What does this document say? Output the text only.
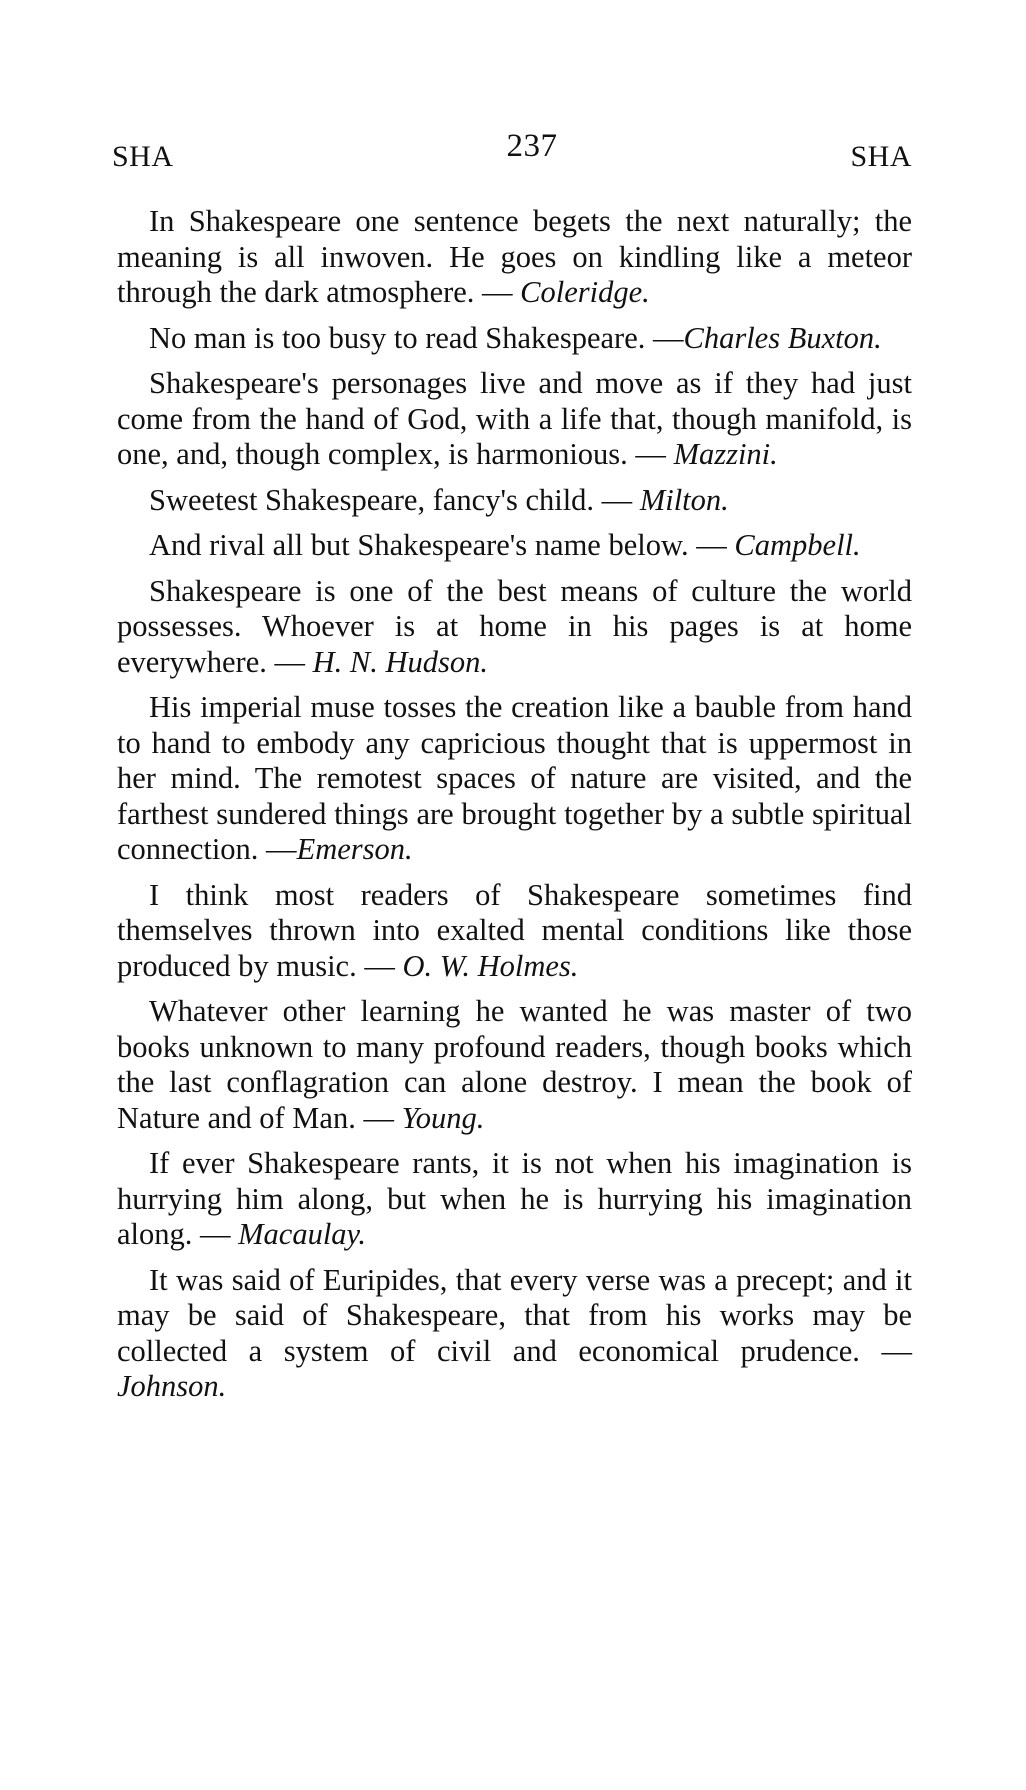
SHA	237	SHA

In Shakespeare one sentence begets the next naturally; the meaning is all inwoven. He goes on kindling like a meteor through the dark atmosphere. — Coleridge.

No man is too busy to read Shakespeare. —Charles Buxton.

Shakespeare's personages live and move as if they had just come from the hand of God, with a life that, though manifold, is one, and, though complex, is harmonious. — Mazzini.

Sweetest Shakespeare, fancy's child. — Milton.

And rival all but Shakespeare's name below. — Campbell.

Shakespeare is one of the best means of culture the world possesses. Whoever is at home in his pages is at home everywhere. — H. N. Hudson.

His imperial muse tosses the creation like a bauble from hand to hand to embody any capricious thought that is uppermost in her mind. The remotest spaces of nature are visited, and the farthest sundered things are brought together by a subtle spiritual connection. —Emerson.

I think most readers of Shakespeare sometimes find themselves thrown into exalted mental conditions like those produced by music. — O. W. Holmes.

Whatever other learning he wanted he was master of two books unknown to many profound readers, though books which the last conflagration can alone destroy. I mean the book of Nature and of Man. — Young.

If ever Shakespeare rants, it is not when his imagination is hurrying him along, but when he is hurrying his imagination along. — Macaulay.

It was said of Euripides, that every verse was a precept; and it may be said of Shakespeare, that from his works may be collected a system of civil and economical prudence. — Johnson.
